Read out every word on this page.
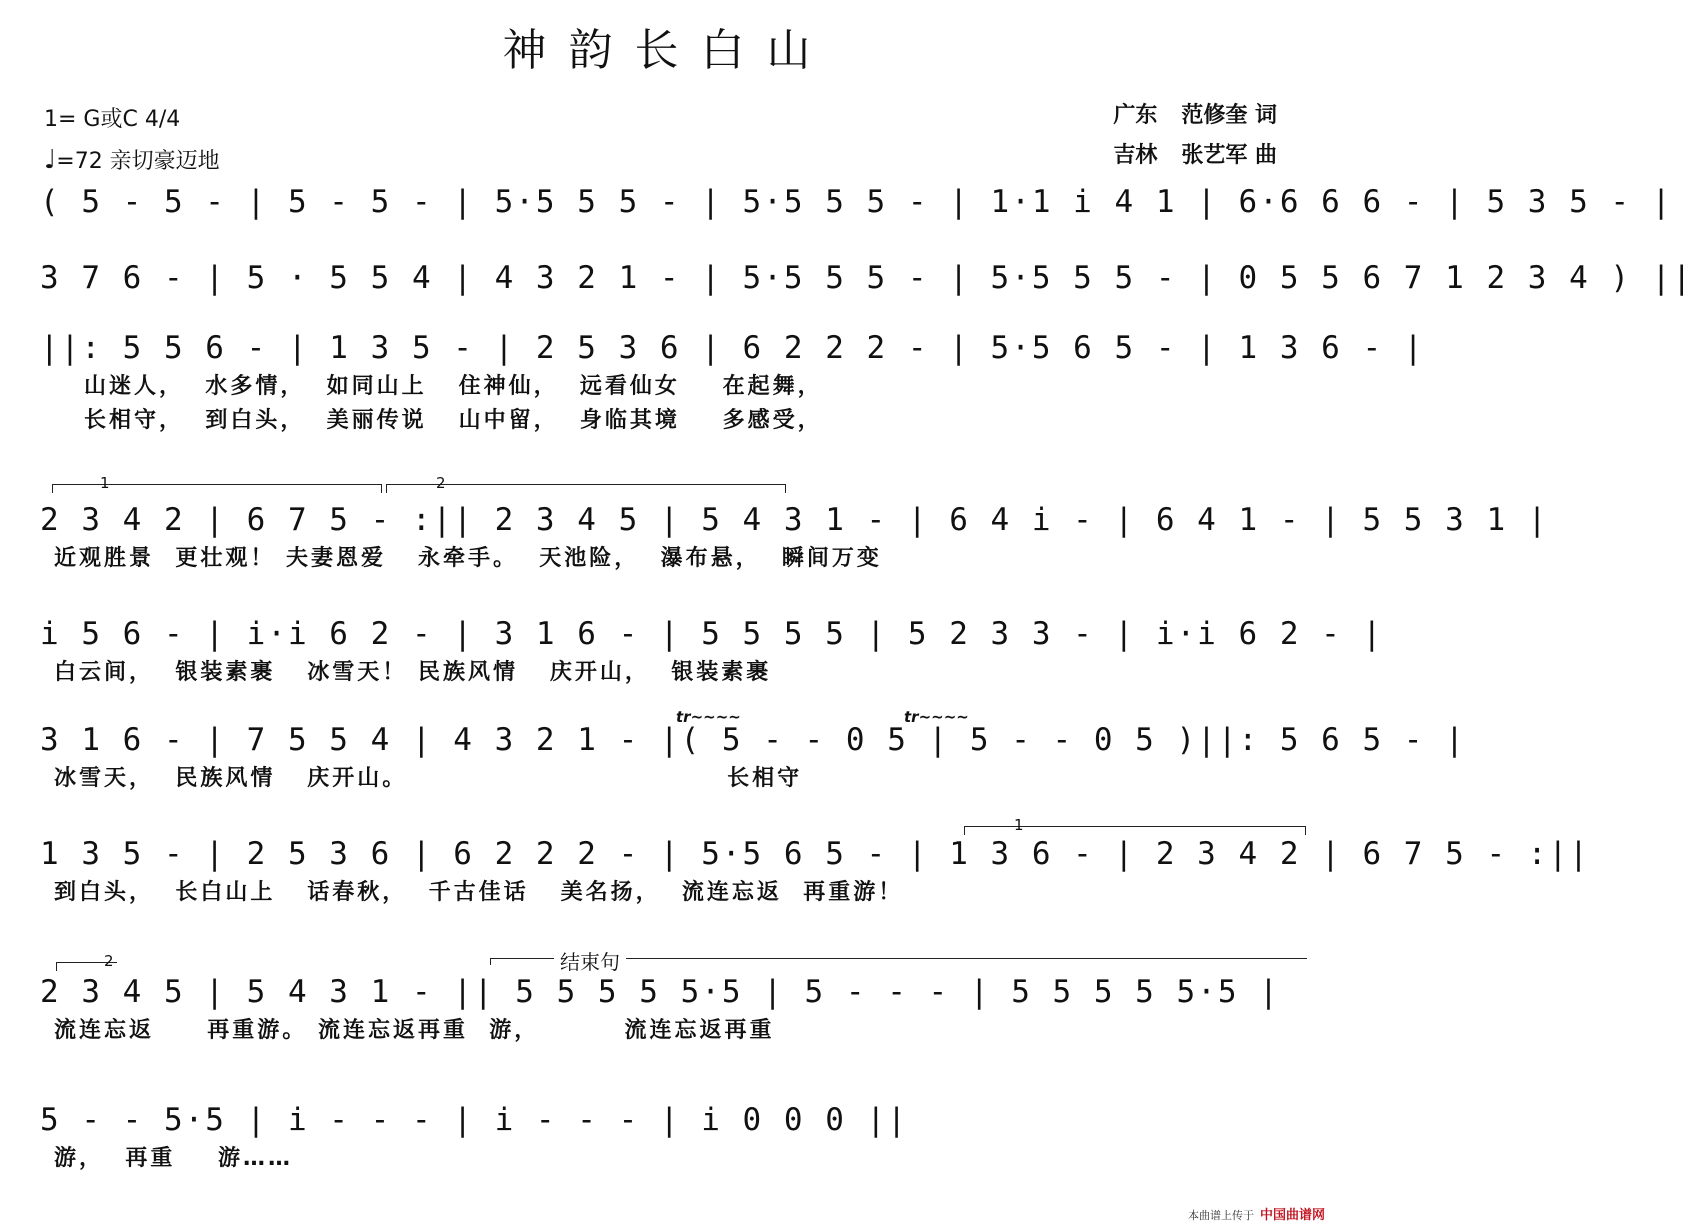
神韵长白山
1= G或C 4/4
♩=72 亲切豪迈地
广东 范修奎 词
吉林 张艺军 曲
( 5 - 5 - | 5 - 5 - | 5·5 5 5 - | 5·5 5 5 - | 1·1 i 4 1 | 6·6 6 6 - | 5 3 5 - |
3 7 6 - | 5 · 5 5 4 | 4 3 2 1 - | 5·5 5 5 - | 5·5 5 5 - | 0 5 5 6 7 1 2 3 4 ) ||
||: 5 5 6 - | 1 3 5 - | 2 5 3 6 | 6 2 2 2 - | 5·5 6 5 - | 1 3 6 - |
山迷人，  水多情，  如同山上   住神仙，  远看仙女    在起舞，
长相守，  到白头，  美丽传说   山中留，  身临其境    多感受，
1	2
2 3 4 2 | 6 7 5 - :|| 2 3 4 5 | 5 4 3 1 - | 6 4 i - | 6 4 1 - | 5 5 3 1 |
近观胜景  更壮观！ 夫妻恩爱   永牵手。  天池险，  瀑布悬，  瞬间万变
i 5 6 - | i·i 6 2 - | 3 1 6 - | 5 5 5 5 | 5 2 3 3 - | i·i 6 2 - |
白云间，  银装素裹   冰雪天！ 民族风情   庆开山，  银装素裹
tr~~~~	tr~~~~
3 1 6 - | 7 5 5 4 | 4 3 2 1 - |( 5 - - 0 5 | 5 - - 0 5 )||: 5 6 5 - |
冰雪天，  民族风情   庆开山。                              长相守
1
1 3 5 - | 2 5 3 6 | 6 2 2 2 - | 5·5 6 5 - | 1 3 6 - | 2 3 4 2 | 6 7 5 - :||
到白头，  长白山上   话春秋，  千古佳话   美名扬，  流连忘返  再重游！
2	结束句
2 3 4 5 | 5 4 3 1 - || 5 5 5 5 5·5 | 5 - - - | 5 5 5 5 5·5 |
流连忘返     再重游。 流连忘返再重  游，        流连忘返再重
5 - - 5·5 | i - - - | i - - - | i 0 0 0 ||
游，  再重    游……
本曲谱上传于 中国曲谱网
